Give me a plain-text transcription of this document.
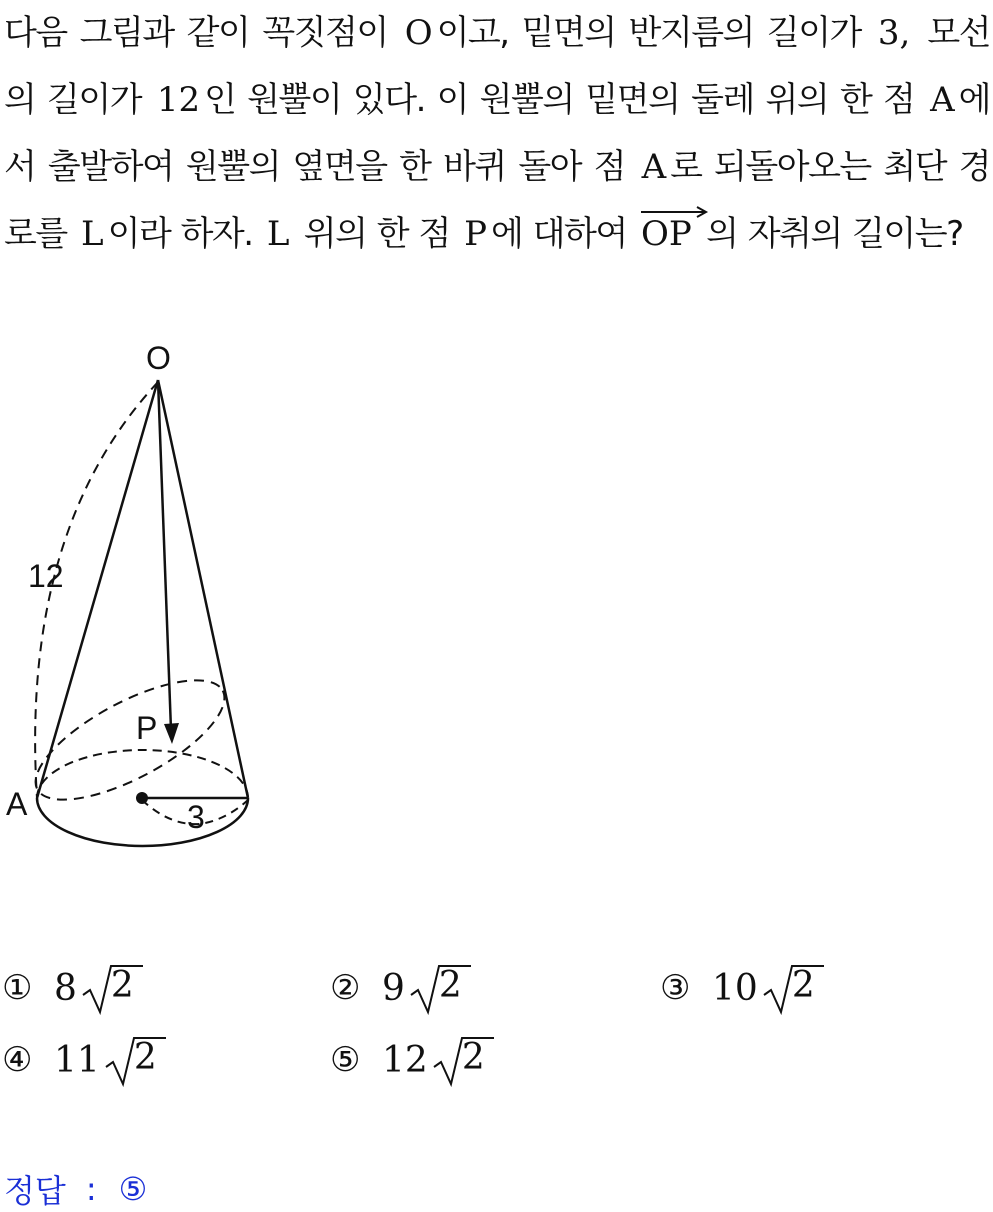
다음 그림과 같이 꼭짓점이 O 이고, 밑면의 반지름의 길이가 3, 모선의 길이가 12 인 원뿔이 있다. 이 원뿔의 밑면의 둘레 위의 한 점 A 에서 출발하여 원뿔의 옆면을 한 바퀴 돌아 점 A 로 되돌아오는 최단 경로를 L 이라 하자. L 위의 한 점 P 에 대하여 OP 의 자취의 길이는?
O
12
P
A	3
① 8 2	② 9 2	③ 10 2
④ 11 2	⑤ 12 2
정답 : ⑤
